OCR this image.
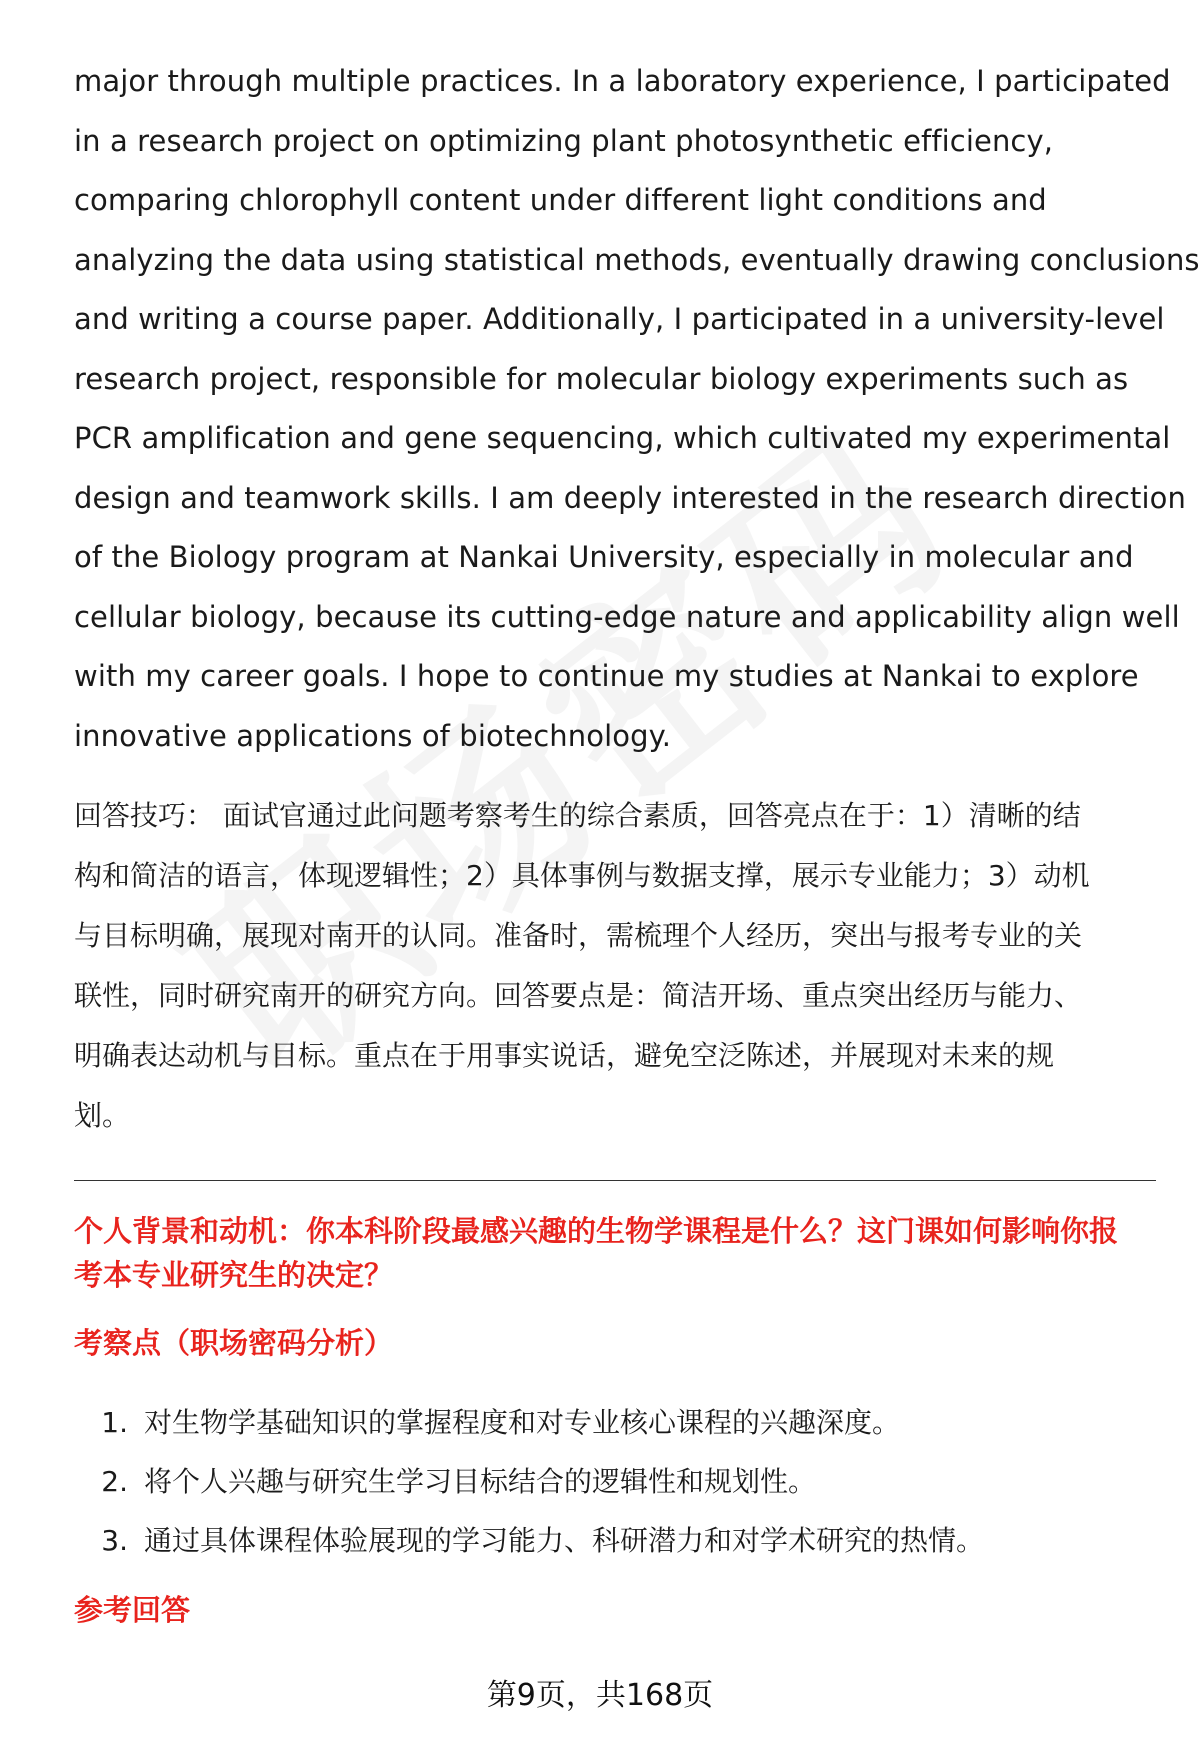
major through multiple practices. In a laboratory experience, I participated
in a research project on optimizing plant photosynthetic efficiency,
comparing chlorophyll content under different light conditions and
analyzing the data using statistical methods, eventually drawing conclusions
and writing a course paper. Additionally, I participated in a university-level
research project, responsible for molecular biology experiments such as
PCR amplification and gene sequencing, which cultivated my experimental
design and teamwork skills. I am deeply interested in the research direction
of the Biology program at Nankai University, especially in molecular and
cellular biology, because its cutting-edge nature and applicability align well
with my career goals. I hope to continue my studies at Nankai to explore
innovative applications of biotechnology.
回答技巧： 面试官通过此问题考察考生的综合素质，回答亮点在于：1）清晰的结
构和简洁的语言，体现逻辑性；2）具体事例与数据支撑，展示专业能力；3）动机
与目标明确，展现对南开的认同。准备时，需梳理个人经历，突出与报考专业的关
联性，同时研究南开的研究方向。回答要点是：简洁开场、重点突出经历与能力、
明确表达动机与目标。重点在于用事实说话，避免空泛陈述，并展现对未来的规
划。
个人背景和动机：你本科阶段最感兴趣的生物学课程是什么？这门课如何影响你报
考本专业研究生的决定？
考察点（职场密码分析）
1. 对生物学基础知识的掌握程度和对专业核心课程的兴趣深度。
2. 将个人兴趣与研究生学习目标结合的逻辑性和规划性。
3. 通过具体课程体验展现的学习能力、科研潜力和对学术研究的热情。
参考回答
第9页，共168页
